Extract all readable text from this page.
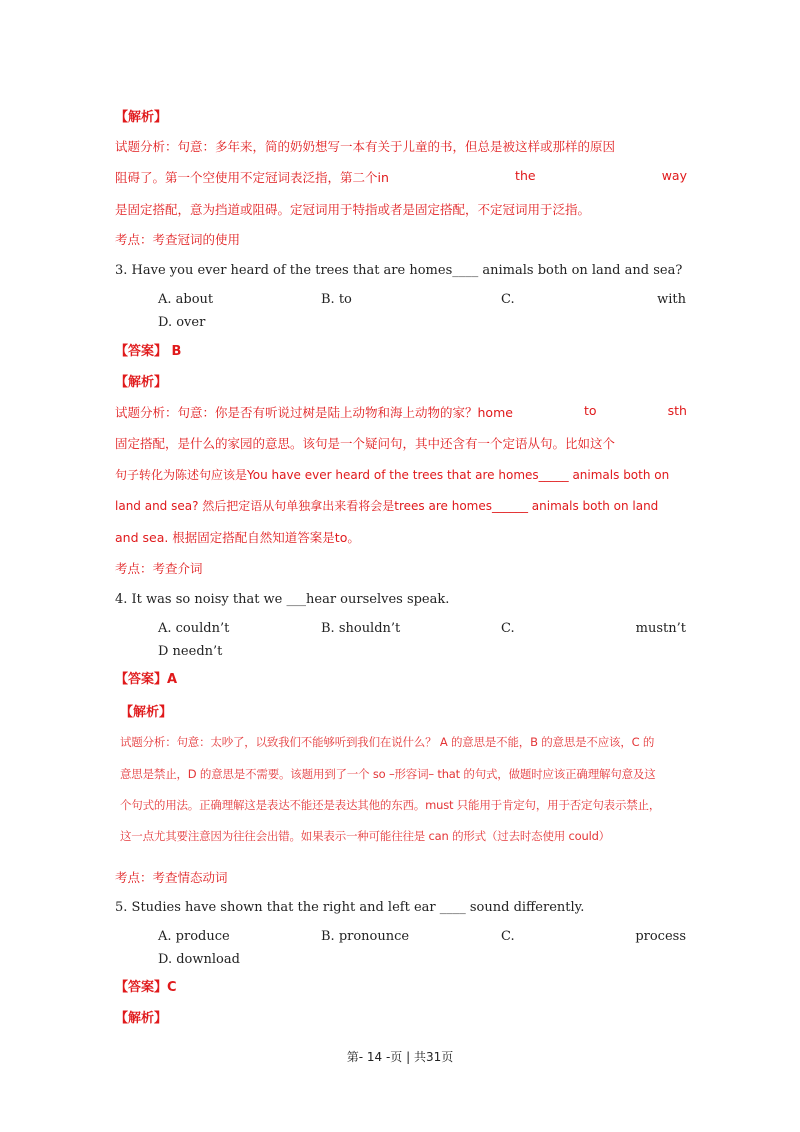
【解析】
试题分析：句意：多年来，简的奶奶想写一本有关于儿童的书，但总是被这样或那样的原因
阻碍了。第一个空使用不定冠词表泛指，第二个in	the	way
是固定搭配，意为挡道或阻碍。定冠词用于特指或者是固定搭配，不定冠词用于泛指。
考点：考查冠词的使用
3. Have you ever heard of the trees that are homes____ animals both on land and sea?
A. about	B. to	C.	with
D. over
【答案】 B
【解析】
试题分析：句意：你是否有听说过树是陆上动物和海上动物的家？home	to	sth
固定搭配，是什么的家园的意思。该句是一个疑问句，其中还含有一个定语从句。比如这个
句子转化为陈述句应该是You have ever heard of the trees that are homes_____ animals both on
land and sea? 然后把定语从句单独拿出来看将会是trees are homes______ animals both on land
and sea. 根据固定搭配自然知道答案是to。
考点：考查介词
4. It was so noisy that we ___hear ourselves speak.
A. couldn’t	B. shouldn’t	C.	mustn’t
D needn’t
【答案】A
【解析】
试题分析：句意：太吵了，以致我们不能够听到我们在说什么？ A 的意思是不能，B 的意思是不应该，C 的
意思是禁止，D 的意思是不需要。该题用到了一个 so –形容词– that 的句式，做题时应该正确理解句意及这
个句式的用法。正确理解这是表达不能还是表达其他的东西。must 只能用于肯定句，用于否定句表示禁止，
这一点尤其要注意因为往往会出错。如果表示一种可能往往是 can 的形式（过去时态使用 could）
考点：考查情态动词
5. Studies have shown that the right and left ear ____ sound differently.
A. produce	B. pronounce	C.	process
D. download
【答案】C
【解析】
第- 14 -页 | 共31页
